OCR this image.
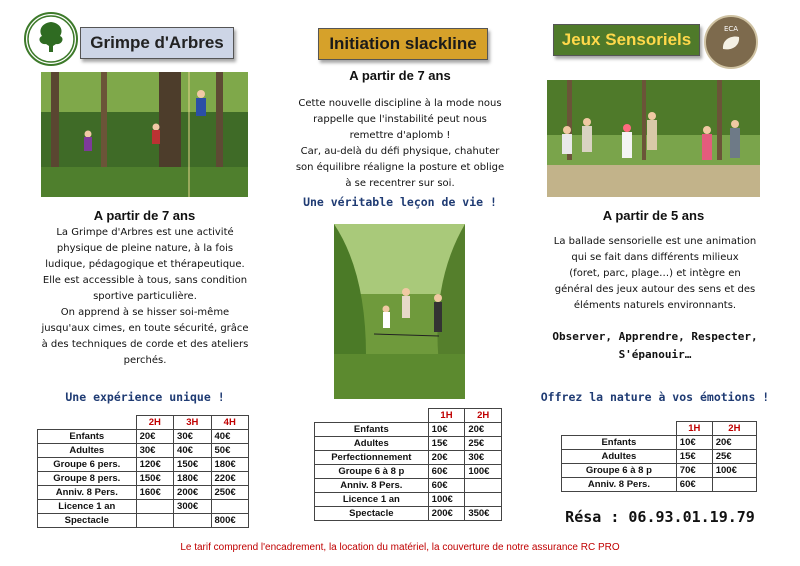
Grimpe d'Arbres
A partir de 7 ans
La Grimpe d'Arbres est une activité
physique de pleine nature, à la fois
ludique, pédagogique et thérapeutique.
Elle est accessible à tous, sans condition
sportive particulière.
On apprend à se hisser soi-même
jusqu'aux cimes, en toute sécurité, grâce
à des techniques de corde et des ateliers
perchés.
Une expérience unique !
	2H	3H	4H
Enfants	20€	30€	40€
Adultes	30€	40€	50€
Groupe 6 pers.	120€	150€	180€
Groupe 8 pers.	150€	180€	220€
Anniv. 8 Pers.	160€	200€	250€
Licence 1 an		300€	
Spectacle			800€
Initiation slackline
A partir de 7 ans
Cette nouvelle discipline à la mode nous
rappelle que l'instabilité peut nous
remettre d'aplomb !
Car, au-delà du défi physique, chahuter
son équilibre réaligne la posture et oblige
à se recentrer sur soi.
Une véritable leçon de vie !
	1H	2H
Enfants	10€	20€
Adultes	15€	25€
Perfectionnement	20€	30€
Groupe 6 à 8 p	60€	100€
Anniv. 8 Pers.	60€	
Licence 1 an	100€	
Spectacle	200€	350€
Jeux Sensoriels
ECA
A partir de 5 ans
La ballade sensorielle est une animation
qui se fait dans différents milieux
(foret, parc, plage…) et intègre en
général des jeux autour des sens et des
éléments naturels environnants.
Observer, Apprendre, Respecter,
S'épanouir…
Offrez la nature à vos émotions !
	1H	2H
Enfants	10€	20€
Adultes	15€	25€
Groupe 6 à 8 p	70€	100€
Anniv. 8 Pers.	60€	
Résa : 06.93.01.19.79
Le tarif comprend l'encadrement, la location du matériel, la couverture de notre assurance RC PRO
